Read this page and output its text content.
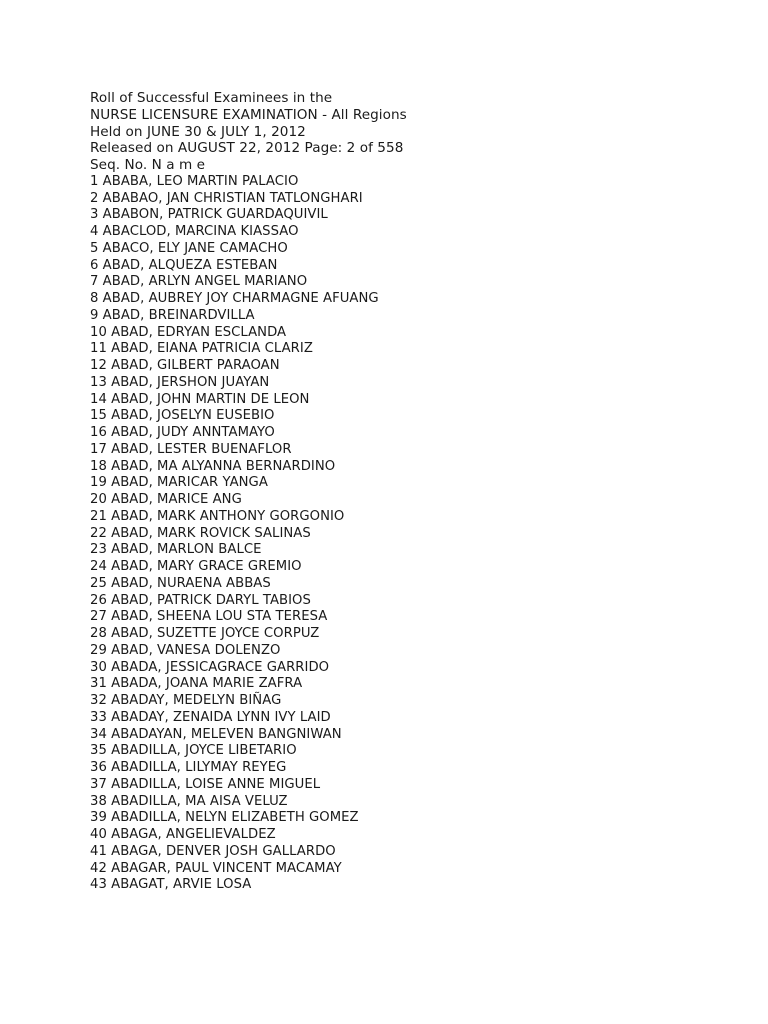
Roll of Successful Examinees in the
NURSE LICENSURE EXAMINATION - All Regions
Held on JUNE 30 & JULY 1, 2012
Released on AUGUST 22, 2012 Page: 2 of 558
Seq. No. N a m e
1 ABABA, LEO MARTIN PALACIO
2 ABABAO, JAN CHRISTIAN TATLONGHARI
3 ABABON, PATRICK GUARDAQUIVIL
4 ABACLOD, MARCINA KIASSAO
5 ABACO, ELY JANE CAMACHO
6 ABAD, ALQUEZA ESTEBAN
7 ABAD, ARLYN ANGEL MARIANO
8 ABAD, AUBREY JOY CHARMAGNE AFUANG
9 ABAD, BREINARDVILLA
10 ABAD, EDRYAN ESCLANDA
11 ABAD, EIANA PATRICIA CLARIZ
12 ABAD, GILBERT PARAOAN
13 ABAD, JERSHON JUAYAN
14 ABAD, JOHN MARTIN DE LEON
15 ABAD, JOSELYN EUSEBIO
16 ABAD, JUDY ANNTAMAYO
17 ABAD, LESTER BUENAFLOR
18 ABAD, MA ALYANNA BERNARDINO
19 ABAD, MARICAR YANGA
20 ABAD, MARICE ANG
21 ABAD, MARK ANTHONY GORGONIO
22 ABAD, MARK ROVICK SALINAS
23 ABAD, MARLON BALCE
24 ABAD, MARY GRACE GREMIO
25 ABAD, NURAENA ABBAS
26 ABAD, PATRICK DARYL TABIOS
27 ABAD, SHEENA LOU STA TERESA
28 ABAD, SUZETTE JOYCE CORPUZ
29 ABAD, VANESA DOLENZO
30 ABADA, JESSICAGRACE GARRIDO
31 ABADA, JOANA MARIE ZAFRA
32 ABADAY, MEDELYN BIÑAG
33 ABADAY, ZENAIDA LYNN IVY LAID
34 ABADAYAN, MELEVEN BANGNIWAN
35 ABADILLA, JOYCE LIBETARIO
36 ABADILLA, LILYMAY REYEG
37 ABADILLA, LOISE ANNE MIGUEL
38 ABADILLA, MA AISA VELUZ
39 ABADILLA, NELYN ELIZABETH GOMEZ
40 ABAGA, ANGELIEVALDEZ
41 ABAGA, DENVER JOSH GALLARDO
42 ABAGAR, PAUL VINCENT MACAMAY
43 ABAGAT, ARVIE LOSA
